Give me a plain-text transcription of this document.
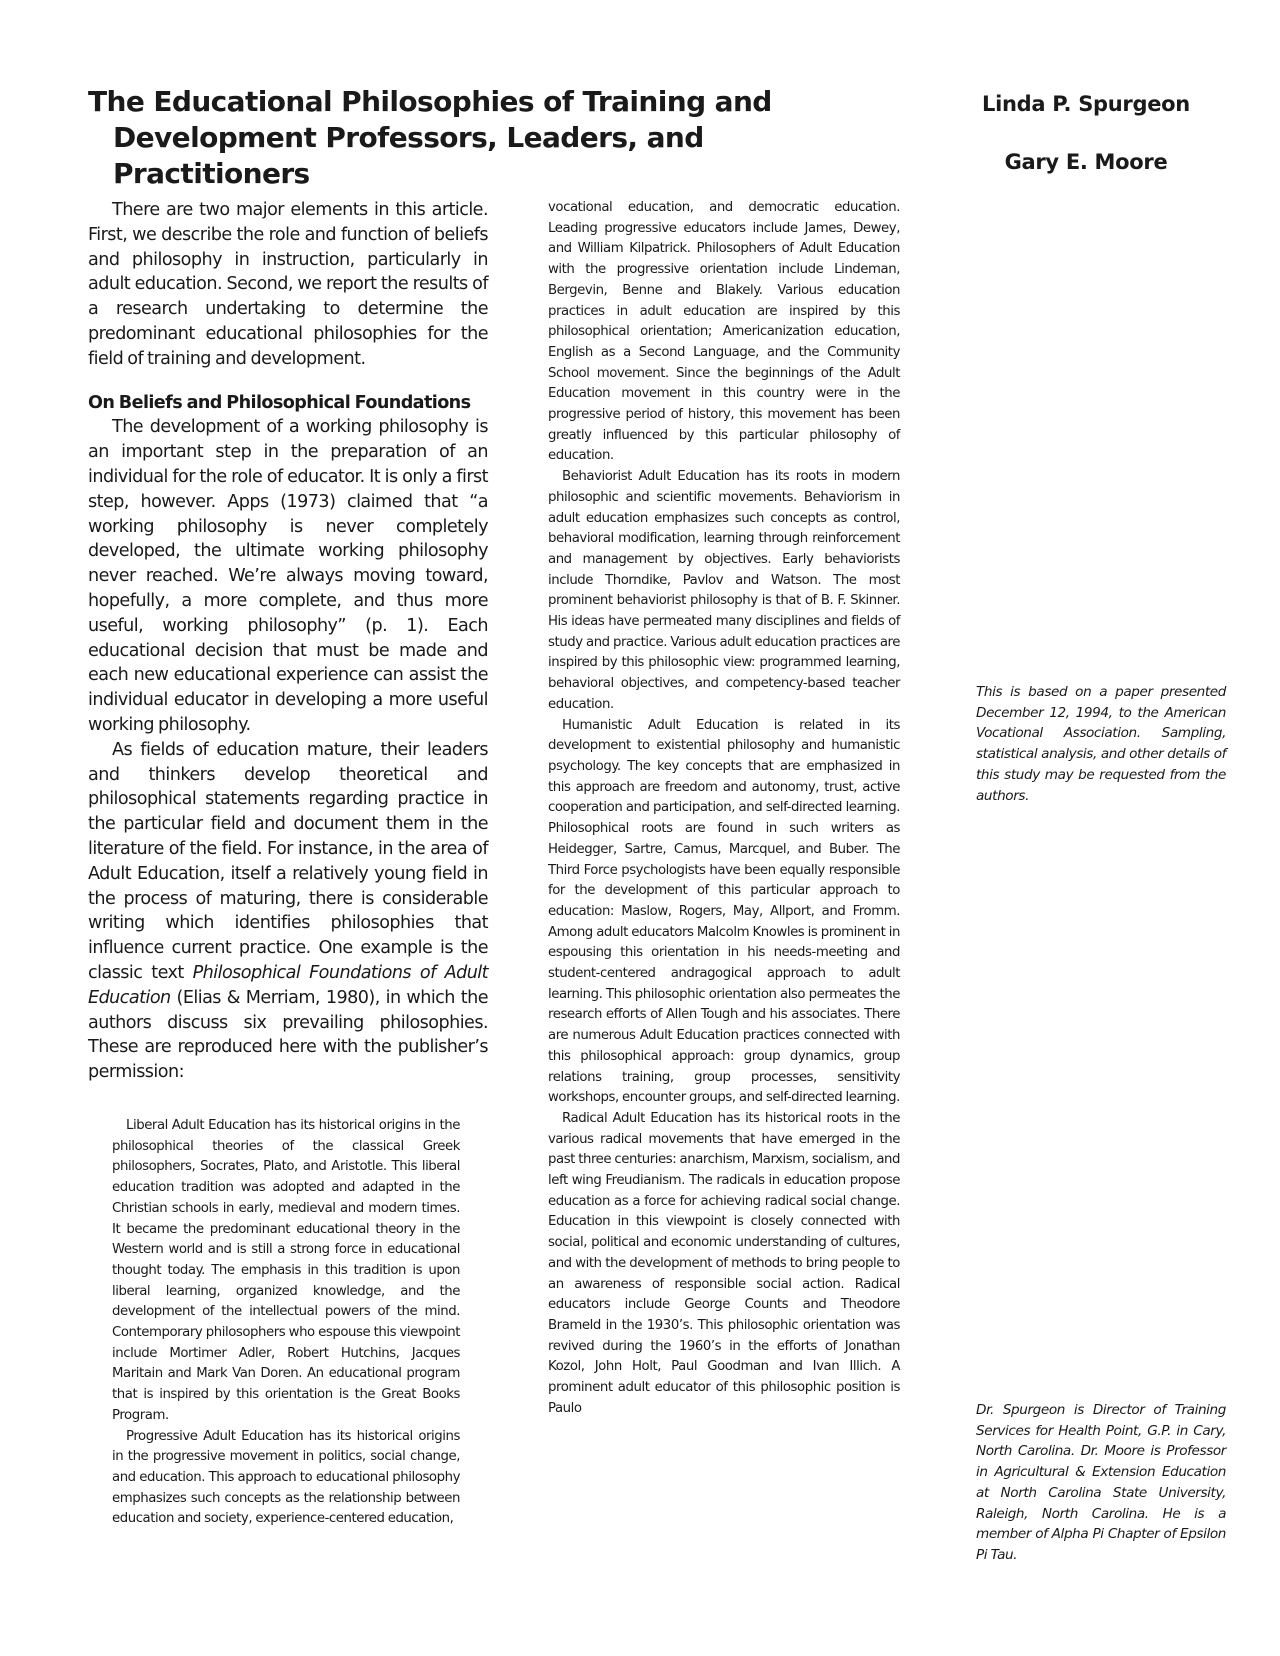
The Educational Philosophies of Training and
Development Professors, Leaders, and Practitioners
Linda P. Spurgeon
Gary E. Moore

There are two major elements in this article. First, we describe the role and function of beliefs and philosophy in instruction, particularly in adult education. Second, we report the results of a research undertaking to determine the predominant educational philosophies for the field of training and development.

On Beliefs and Philosophical Foundations

The development of a working philosophy is an important step in the preparation of an individual for the role of educator. It is only a first step, however. Apps (1973) claimed that “a working philosophy is never completely developed, the ultimate working philosophy never reached. We’re always moving toward, hopefully, a more complete, and thus more useful, working philosophy” (p. 1). Each educational decision that must be made and each new educational experience can assist the individual educator in developing a more useful working philosophy.

As fields of education mature, their leaders and thinkers develop theoretical and philosophical statements regarding practice in the particular field and document them in the literature of the field. For instance, in the area of Adult Education, itself a relatively young field in the process of maturing, there is considerable writing which identifies philosophies that influence current practice. One example is the classic text Philosophical Foundations of Adult Education (Elias & Merriam, 1980), in which the authors discuss six prevailing philosophies. These are reproduced here with the publisher’s permission:

Liberal Adult Education has its historical origins in the philosophical theories of the classical Greek philosophers, Socrates, Plato, and Aristotle. This liberal education tradition was adopted and adapted in the Christian schools in early, medieval and modern times. It became the predominant educational theory in the Western world and is still a strong force in educational thought today. The emphasis in this tradition is upon liberal learning, organized knowledge, and the development of the intellectual powers of the mind. Contemporary philosophers who espouse this viewpoint include Mortimer Adler, Robert Hutchins, Jacques Maritain and Mark Van Doren. An educational program that is inspired by this orientation is the Great Books Program.

Progressive Adult Education has its historical origins in the progressive movement in politics, social change, and education. This approach to educational philosophy emphasizes such concepts as the relationship between education and society, experience-centered education,

vocational education, and democratic education. Leading progressive educators include James, Dewey, and William Kilpatrick. Philosophers of Adult Education with the progressive orientation include Lindeman, Bergevin, Benne and Blakely. Various education practices in adult education are inspired by this philosophical orientation; Americanization education, English as a Second Language, and the Community School movement. Since the beginnings of the Adult Education movement in this country were in the progressive period of history, this movement has been greatly influenced by this particular philosophy of education.

Behaviorist Adult Education has its roots in modern philosophic and scientific movements. Behaviorism in adult education emphasizes such concepts as control, behavioral modification, learning through reinforcement and management by objectives. Early behaviorists include Thorndike, Pavlov and Watson. The most prominent behaviorist philosophy is that of B. F. Skinner. His ideas have permeated many disciplines and fields of study and practice. Various adult education practices are inspired by this philosophic view: programmed learning, behavioral objectives, and competency-based teacher education.

Humanistic Adult Education is related in its development to existential philosophy and humanistic psychology. The key concepts that are emphasized in this approach are freedom and autonomy, trust, active cooperation and participation, and self-directed learning. Philosophical roots are found in such writers as Heidegger, Sartre, Camus, Marcquel, and Buber. The Third Force psychologists have been equally responsible for the development of this particular approach to education: Maslow, Rogers, May, Allport, and Fromm. Among adult educators Malcolm Knowles is prominent in espousing this orientation in his needs-meeting and student-centered andragogical approach to adult learning. This philosophic orientation also permeates the research efforts of Allen Tough and his associates. There are numerous Adult Education practices connected with this philosophical approach: group dynamics, group relations training, group processes, sensitivity workshops, encounter groups, and self-directed learning.

Radical Adult Education has its historical roots in the various radical movements that have emerged in the past three centuries: anarchism, Marxism, socialism, and left wing Freudianism. The radicals in education propose education as a force for achieving radical social change. Education in this viewpoint is closely connected with social, political and economic understanding of cultures, and with the development of methods to bring people to an awareness of responsible social action. Radical educators include George Counts and Theodore Brameld in the 1930’s. This philosophic orientation was revived during the 1960’s in the efforts of Jonathan Kozol, John Holt, Paul Goodman and Ivan Illich. A prominent adult educator of this philosophic position is Paulo

This is based on a paper presented December 12, 1994, to the American Vocational Association. Sampling, statistical analysis, and other details of this study may be requested from the authors.

Dr. Spurgeon is Director of Training Services for Health Point, G.P. in Cary, North Carolina. Dr. Moore is Professor in Agricultural & Extension Education at North Carolina State University, Raleigh, North Carolina. He is a member of Alpha Pi Chapter of Epsilon Pi Tau.
